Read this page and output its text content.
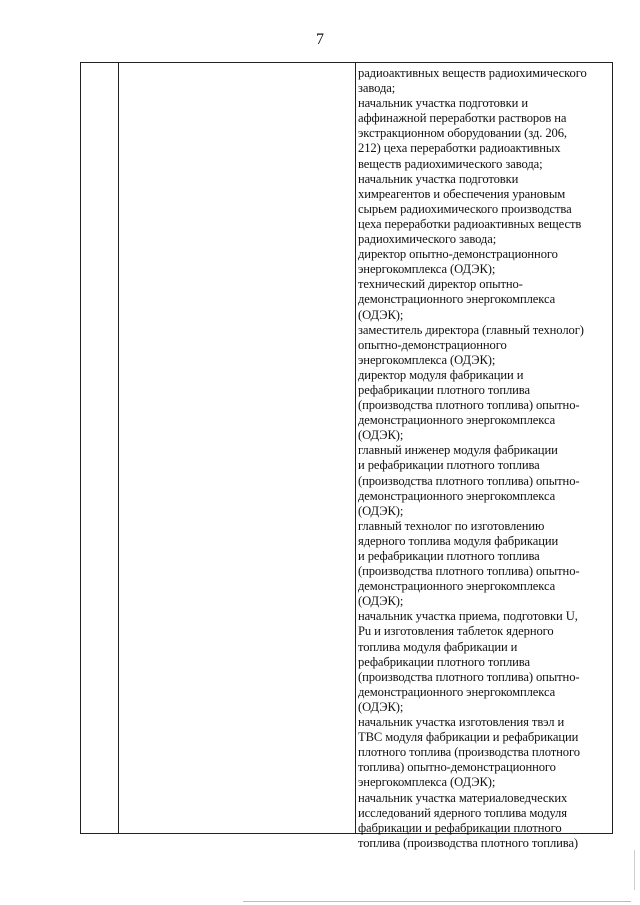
7
радиоактивных веществ радиохимического
завода;
начальник участка подготовки и
аффинажной переработки растворов на
экстракционном оборудовании (зд. 206,
212) цеха переработки радиоактивных
веществ радиохимического завода;
начальник участка подготовки
химреагентов и обеспечения урановым
сырьем радиохимического производства
цеха переработки радиоактивных веществ
радиохимического завода;
директор опытно-демонстрационного
энергокомплекса (ОДЭК);
технический директор опытно-
демонстрационного энергокомплекса
(ОДЭК);
заместитель директора (главный технолог)
опытно-демонстрационного
энергокомплекса (ОДЭК);
директор модуля фабрикации и
рефабрикации плотного топлива
(производства плотного топлива) опытно-
демонстрационного энергокомплекса
(ОДЭК);
главный инженер модуля фабрикации
и рефабрикации плотного топлива
(производства плотного топлива) опытно-
демонстрационного энергокомплекса
(ОДЭК);
главный технолог по изготовлению
ядерного топлива модуля фабрикации
и рефабрикации плотного топлива
(производства плотного топлива) опытно-
демонстрационного энергокомплекса
(ОДЭК);
начальник участка приема, подготовки U,
Pu и изготовления таблеток ядерного
топлива модуля фабрикации и
рефабрикации плотного топлива
(производства плотного топлива) опытно-
демонстрационного энергокомплекса
(ОДЭК);
начальник участка изготовления твэл и
ТВС модуля фабрикации и рефабрикации
плотного топлива (производства плотного
топлива) опытно-демонстрационного
энергокомплекса (ОДЭК);
начальник участка материаловедческих
исследований ядерного топлива модуля
фабрикации и рефабрикации плотного
топлива (производства плотного топлива)
